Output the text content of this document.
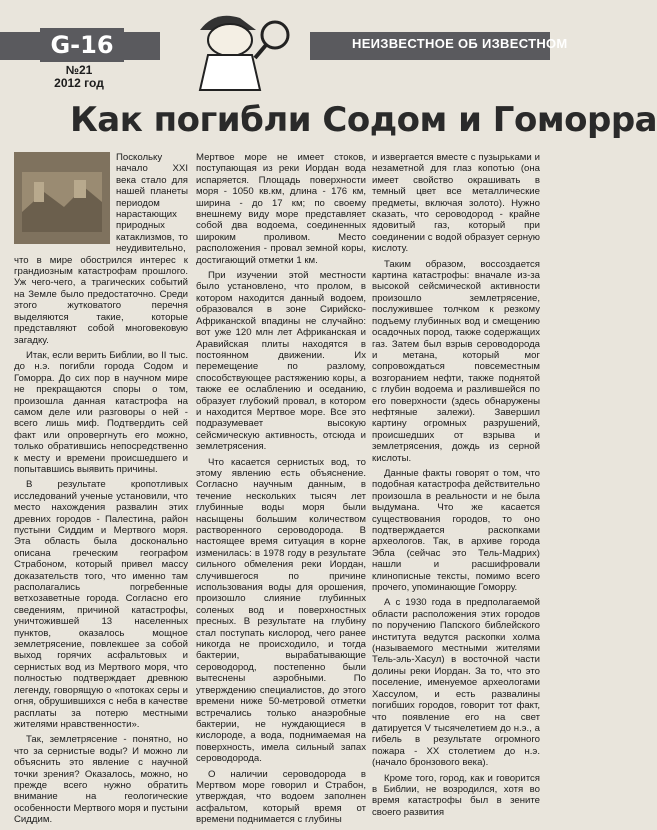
G-16	НЕИЗВЕСТНОЕ ОБ ИЗВЕСТНОМ
№21
2012 год
Как погибли Содом и Гоморра

Поскольку начало XXI века стало для нашей планеты периодом нарастающих природных катаклизмов, то неудивительно, что в мире обострился интерес к грандиозным катастрофам прошлого. Уж чего-чего, а трагических событий на Земле было предостаточно. Среди этого жутковатого перечня выделяются такие, которые представляют собой многовековую загадку.

Итак, если верить Библии, во II тыс. до н.э. погибли города Содом и Гоморра. До сих пор в научном мире не прекращаются споры о том, произошла данная катастрофа на самом деле или разговоры о ней - всего лишь миф. Подтвердить сей факт или опровергнуть его можно, только обратившись непосредственно к месту и времени происшедшего и попытавшись выявить причины.

В результате кропотливых исследований ученые установили, что место нахождения развалин этих древних городов - Палестина, район пустыни Сиддим и Мертвого моря. Эта область была доскональнo описана греческим географом Страбоном, который привел массу доказательств того, что именно там располагались погребенные ветхозаветные города. Согласно его сведениям, причиной катастрофы, уничтожившей 13 населенных пунктов, оказалось мощное землетрясение, повлекшее за собой выход горячих асфальтовых и сернистых вод из Мертвого моря, что полностью подтверждает древнюю легенду, говорящую о «потоках серы и огня, обрушившихся с неба в качестве расплаты за потерю местными жителями нравственности».

Так, землетрясение - понятно, но что за сернистые воды? И можно ли объяснить это явление с научной точки зрения? Оказалось, можно, но прежде всего нужно обратить внимание на геологические особенности Мертвого моря и пустыни Сиддим.

Мертвое море не имеет стоков, поступающая из реки Иордан вода испаряется. Площадь поверхности моря - 1050 кв.км, длина - 176 км, ширина - до 17 км; по своему внешнему виду море представляет собой два водоема, соединенных широким проливом. Место расположения - провал земной коры, достигающий отметки 1 км.

При изучении этой местности было установлено, что пролом, в котором находится данный водоем, образовался в зоне Сирийско-Африканской впадины не случайно: вот уже 120 млн лет Африканская и Аравийская плиты находятся в постоянном движении. Их перемещение по разлому, способствующее растяжению коры, а также ее ослаблению и оседанию, образует глубокий провал, в котором и находится Мертвое море. Все это подразумевает высокую сейсмическую активность, отсюда и землетрясения.

Что касается сернистых вод, то этому явлению есть объяснение. Согласно научным данным, в течение нескольких тысяч лет глубинные воды моря были насыщены большим количеством растворенного сероводорода. В настоящее время ситуация в корне изменилась: в 1978 году в результате сильного обмеления реки Иордан, случившегося по причине использования воды для орошения, произошло слияние глубинных соленых вод и поверхностных пресных. В результате на глубину стал поступать кислород, чего ранее никогда не происходило, и тогда бактерии, вырабатывающие сероводород, постепенно были вытеснены аэробными. По утверждению специалистов, до этого времени ниже 50-метровой отметки встречались только анаэробные бактерии, не нуждающиеся в кислороде, а вода, поднимаемая на поверхность, имела сильный запах сероводорода.

О наличии сероводорода в Мертвом море говорил и Страбон, утверждая, что водоем заполнен асфальтом, который время от времени поднимается с глубины

и извергается вместе с пузырьками и незаметной для глаз копотью (она имеет свойство окрашивать в темный цвет все металлические предметы, включая золото). Нужно сказать, что сероводород - крайне ядовитый газ, который при соединении с водой образует серную кислоту.

Таким образом, воссоздается картина катастрофы: вначале из-за высокой сейсмической активности произошло землетрясение, послужившее толчком к резкому подъему глубинных вод и смещению осадочных пород, также содержащих газ. Затем был взрыв сероводорода и метана, который мог сопровождаться повсеместным возгоранием нефти, также поднятой с глубин водоема и разлившейся по его поверхности (здесь обнаружены нефтяные залежи). Завершил картину огромных разрушений, происшедших от взрыва и землетрясения, дождь из серной кислоты.

Данные факты говорят о том, что подобная катастрофа действительно произошла в реальности и не была выдумана. Что же касается существования городов, то оно подтверждается раскопками археологов. Так, в архиве города Эбла (сейчас это Тель-Мадрих) нашли и расшифровали клинописные тексты, помимо всего прочего, упоминающие Гоморру.

А с 1930 года в предполагаемой области расположения этих городов по поручению Папского библейского института ведутся раскопки холма (называемого местными жителями Тель-эль-Хасул) в восточной части долины реки Иордан. За то, что это поселение, именуемое археологами Хассулом, и есть развалины погибших городов, говорит тот факт, что появление его на свет датируется V тысячелетием до н.э., а гибель в результате огромного пожара - XX столетием до н.э. (начало бронзового века).

Кроме того, город, как и говорится в Библии, не возродился, хотя во время катастрофы был в зените своего развития
